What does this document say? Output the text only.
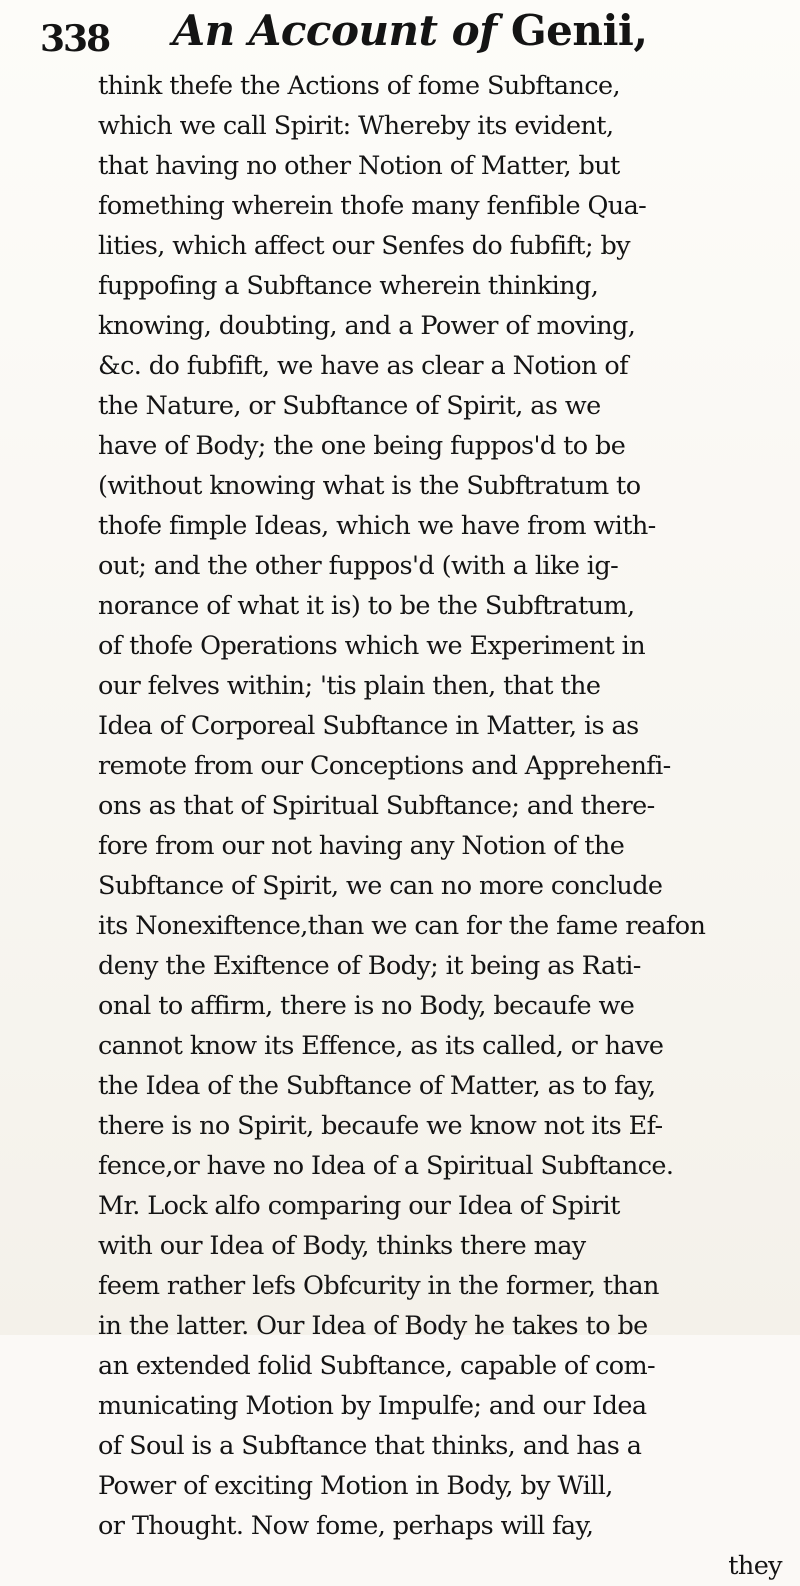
338	An Account of Genii,
think thefe the Actions of fome Subftance,
which we call Spirit: Whereby its evident,
that having no other Notion of Matter, but
fomething wherein thofe many fenfible Qua-
lities, which affect our Senfes do fubfift; by
fuppofing a Subftance wherein thinking,
knowing, doubting, and a Power of moving,
&c. do fubfift, we have as clear a Notion of
the Nature, or Subftance of Spirit, as we
have of Body; the one being fuppos'd to be
(without knowing what is the Subftratum to
thofe fimple Ideas, which we have from with-
out; and the other fuppos'd (with a like ig-
norance of what it is) to be the Subftratum,
of thofe Operations which we Experiment in
our felves within; 'tis plain then, that the
Idea of Corporeal Subftance in Matter, is as
remote from our Conceptions and Apprehenfi-
ons as that of Spiritual Subftance; and there-
fore from our not having any Notion of the
Subftance of Spirit, we can no more conclude
its Nonexiftence,than we can for the fame reafon
deny the Exiftence of Body; it being as Rati-
onal to affirm, there is no Body, becaufe we
cannot know its Effence, as its called, or have
the Idea of the Subftance of Matter, as to fay,
there is no Spirit, becaufe we know not its Ef-
fence,or have no Idea of a Spiritual Subftance.
Mr. Lock alfo comparing our Idea of Spirit
with our Idea of Body, thinks there may
feem rather lefs Obfcurity in the former, than
in the latter. Our Idea of Body he takes to be
an extended folid Subftance, capable of com-
municating Motion by Impulfe; and our Idea
of Soul is a Subftance that thinks, and has a
Power of exciting Motion in Body, by Will,
or Thought. Now fome, perhaps will fay,
they
